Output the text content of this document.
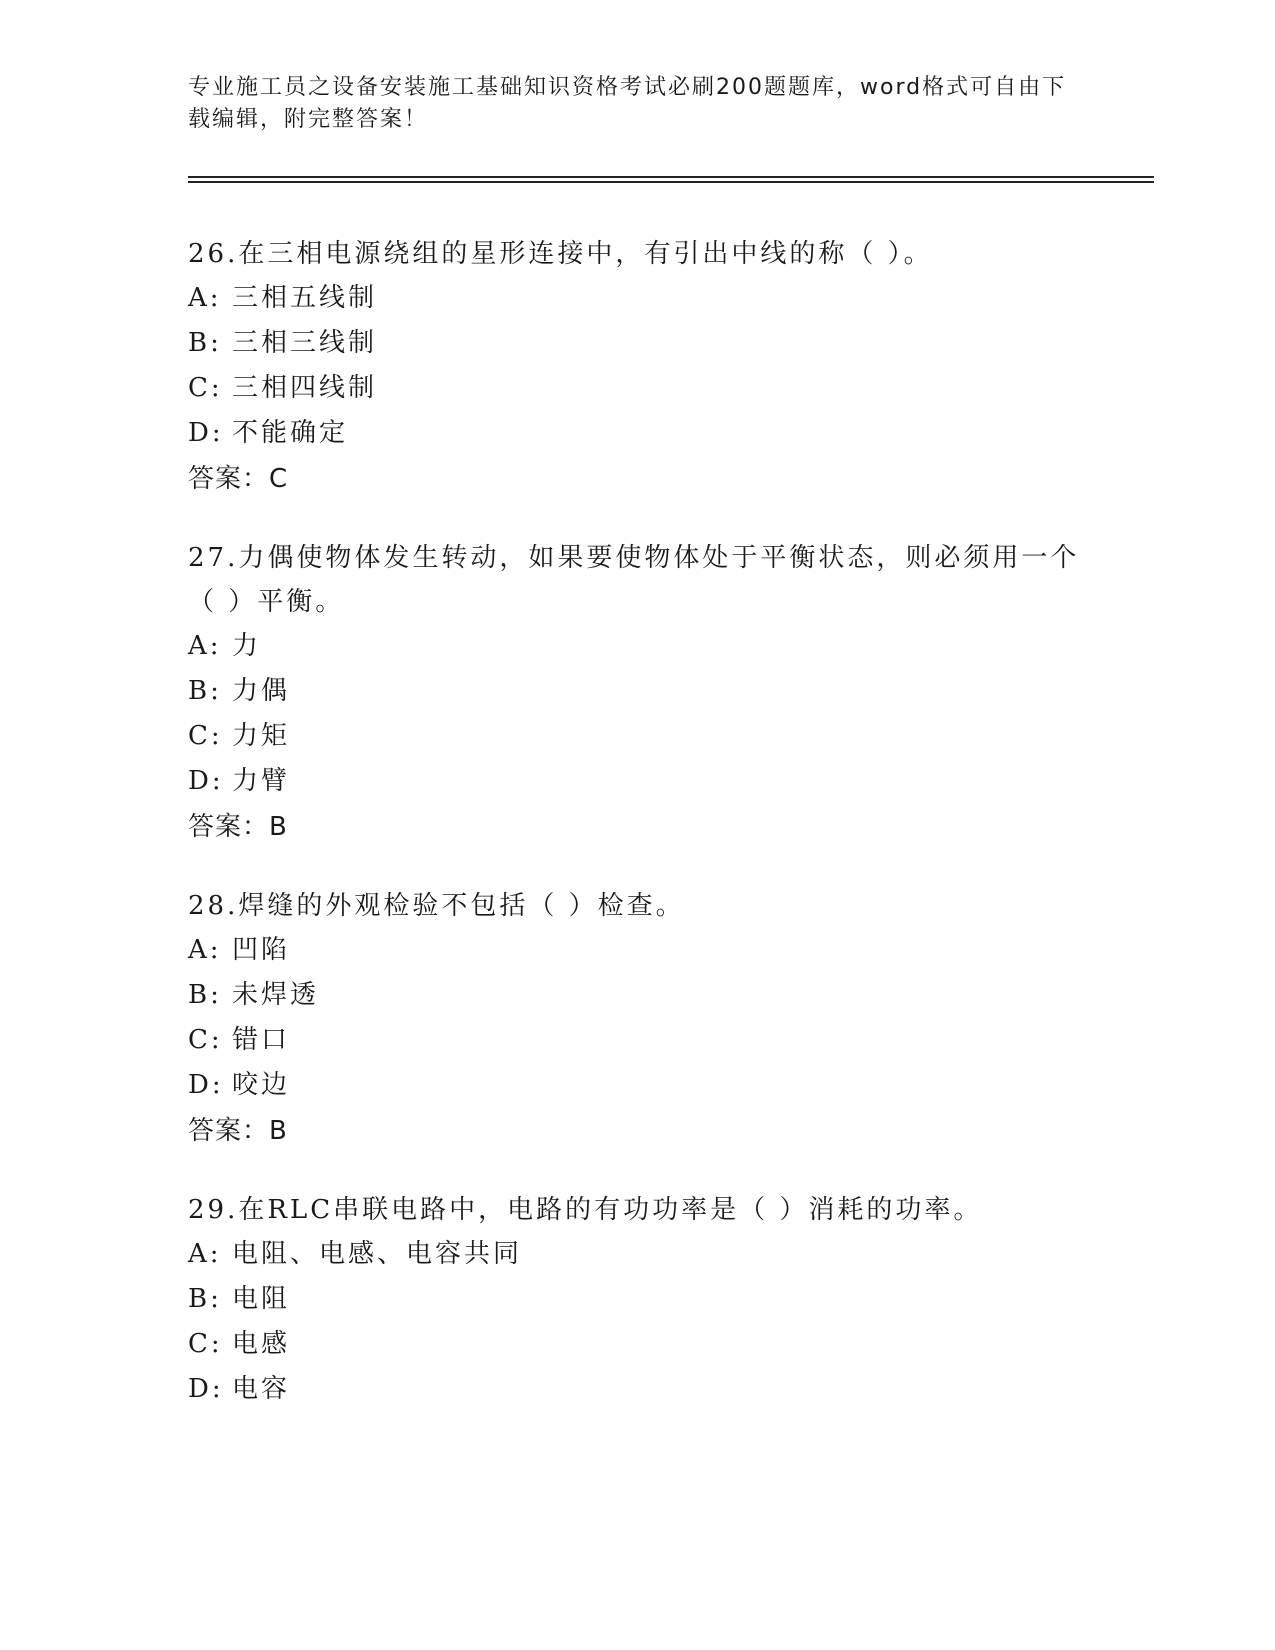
专业施工员之设备安装施工基础知识资格考试必刷200题题库，word格式可自由下载编辑，附完整答案！

26.在三相电源绕组的星形连接中，有引出中线的称（ ）。

A: 三相五线制
B: 三相三线制
C: 三相四线制
D: 不能确定
答案：C

27.力偶使物体发生转动，如果要使物体处于平衡状态，则必须用一个（ ）平衡。

A: 力
B: 力偶
C: 力矩
D: 力臂
答案：B

28.焊缝的外观检验不包括（ ）检查。

A: 凹陷
B: 未焊透
C: 错口
D: 咬边
答案：B

29.在RLC串联电路中，电路的有功功率是（ ）消耗的功率。

A: 电阻、电感、电容共同
B: 电阻
C: 电感
D: 电容
